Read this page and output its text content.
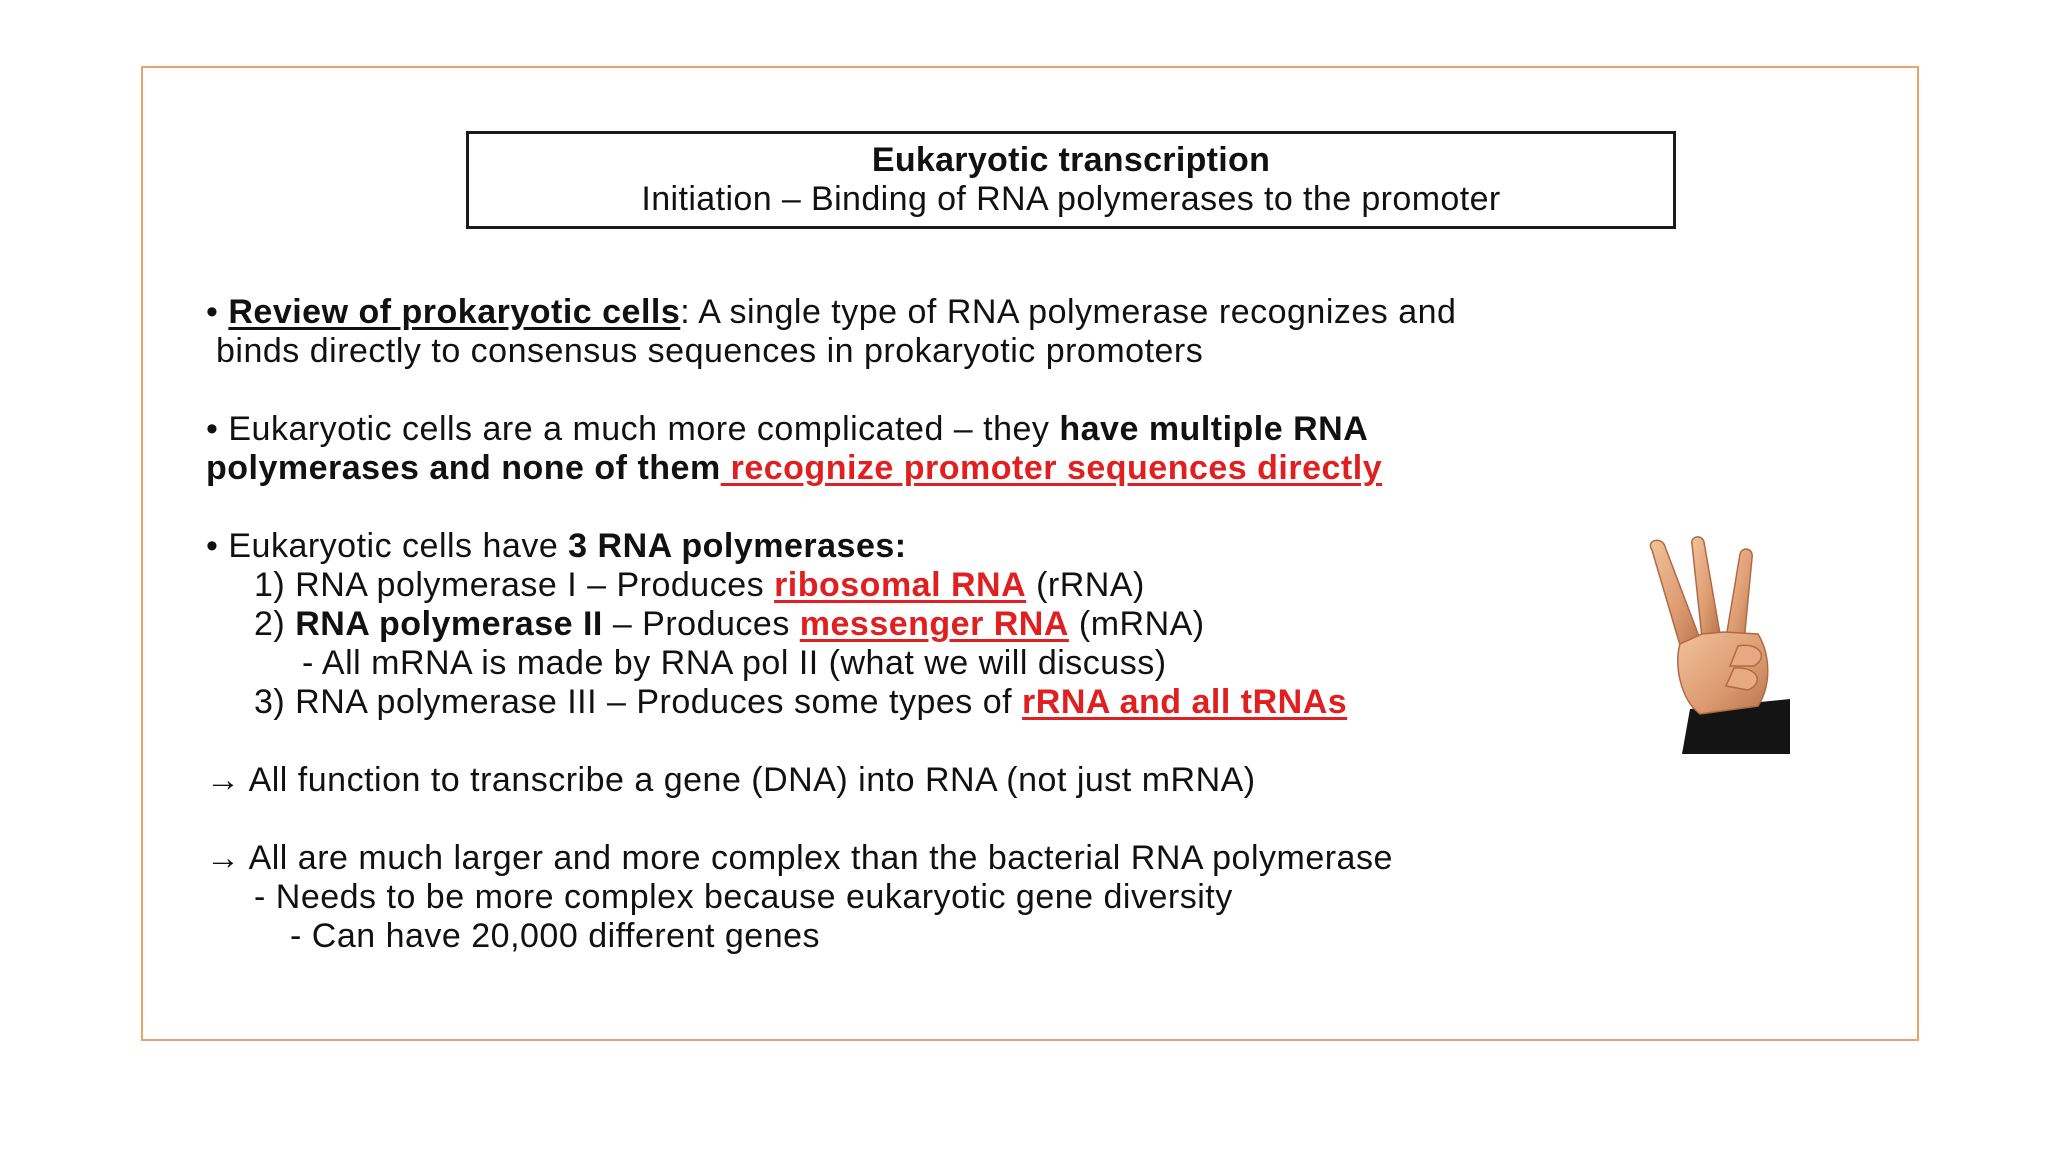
Eukaryotic transcription
Initiation – Binding of RNA polymerases to the promoter

• Review of prokaryotic cells: A single type of RNA polymerase recognizes and

binds directly to consensus sequences in prokaryotic promoters

• Eukaryotic cells are a much more complicated – they have multiple RNA

polymerases and none of them recognize promoter sequences directly

• Eukaryotic cells have 3 RNA polymerases:

1) RNA polymerase I – Produces ribosomal RNA (rRNA)

2) RNA polymerase II – Produces messenger RNA (mRNA)

- All mRNA is made by RNA pol II (what we will discuss)

3) RNA polymerase III – Produces some types of rRNA and all tRNAs

→ All function to transcribe a gene (DNA) into RNA (not just mRNA)

→ All are much larger and more complex than the bacterial RNA polymerase

- Needs to be more complex because eukaryotic gene diversity

- Can have 20,000 different genes
